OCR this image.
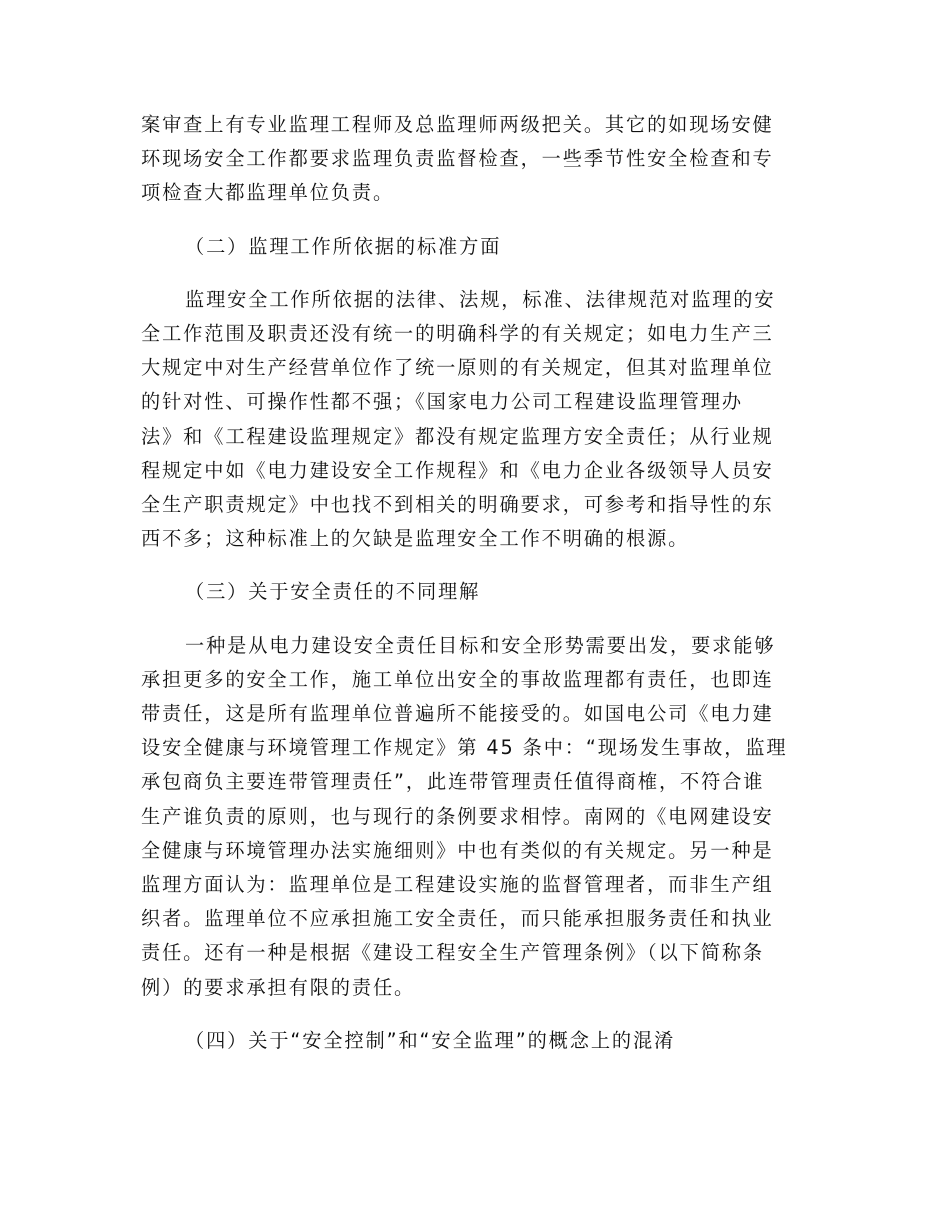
案审查上有专业监理工程师及总监理师两级把关。其它的如现场安健
环现场安全工作都要求监理负责监督检查，一些季节性安全检查和专
项检查大都监理单位负责。

（二）监理工作所依据的标准方面

监理安全工作所依据的法律、法规，标准、法律规范对监理的安
全工作范围及职责还没有统一的明确科学的有关规定；如电力生产三
大规定中对生产经营单位作了统一原则的有关规定，但其对监理单位
的针对性、可操作性都不强；《国家电力公司工程建设监理管理办
法》和《工程建设监理规定》都没有规定监理方安全责任；从行业规
程规定中如《电力建设安全工作规程》和《电力企业各级领导人员安
全生产职责规定》中也找不到相关的明确要求，可参考和指导性的东
西不多；这种标准上的欠缺是监理安全工作不明确的根源。

（三）关于安全责任的不同理解

一种是从电力建设安全责任目标和安全形势需要出发，要求能够
承担更多的安全工作，施工单位出安全的事故监理都有责任，也即连
带责任，这是所有监理单位普遍所不能接受的。如国电公司《电力建
设安全健康与环境管理工作规定》第 45 条中：“现场发生事故，监理
承包商负主要连带管理责任”，此连带管理责任值得商榷，不符合谁
生产谁负责的原则，也与现行的条例要求相悖。南网的《电网建设安
全健康与环境管理办法实施细则》中也有类似的有关规定。另一种是
监理方面认为：监理单位是工程建设实施的监督管理者，而非生产组
织者。监理单位不应承担施工安全责任，而只能承担服务责任和执业
责任。还有一种是根据《建设工程安全生产管理条例》（以下简称条
例）的要求承担有限的责任。

（四）关于“安全控制”和“安全监理”的概念上的混淆
